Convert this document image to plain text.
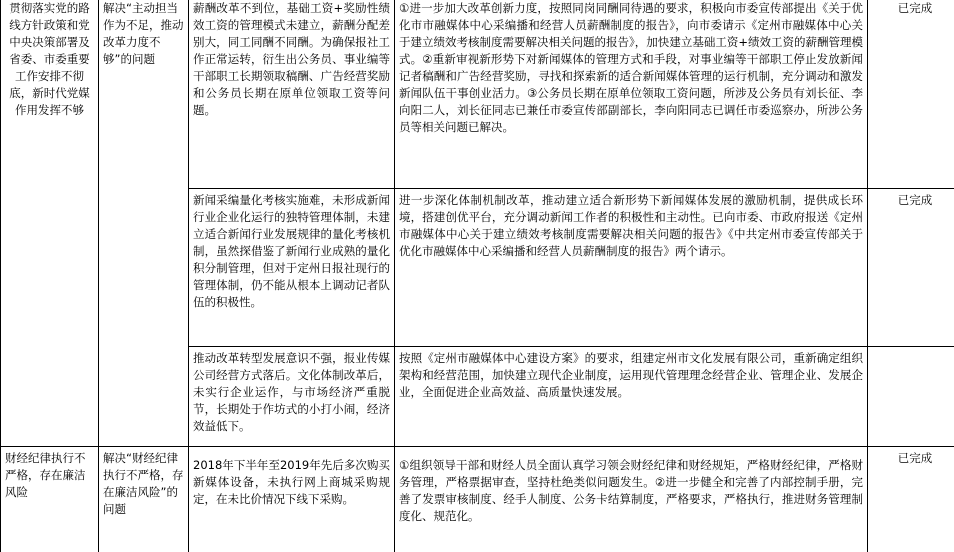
贯彻落实党的路线方针政策和党中央决策部署及省委、市委重要工作安排不彻底，新时代党媒作用发挥不够	解决“主动担当作为不足，推动改革力度不够”的问题	薪酬改革不到位，基础工资+奖励性绩效工资的管理模式未建立，薪酬分配差别大，同工同酬不同酬。为确保报社工作正常运转，衍生出公务员、事业编等干部职工长期领取稿酬、广告经营奖励和公务员长期在原单位领取工资等问题。	①进一步加大改革创新力度，按照同岗同酬同待遇的要求，积极向市委宣传部提出《关于优化市市融媒体中心采编播和经营人员薪酬制度的报告》，向市委请示《定州市融媒体中心关于建立绩效考核制度需要解决相关问题的报告》，加快建立基础工资+绩效工资的薪酬管理模式。②重新审视新形势下对新闻媒体的管理方式和手段，对事业编等干部职工停止发放新闻记者稿酬和广告经营奖励，寻找和探索新的适合新闻媒体管理的运行机制，充分调动和激发新闻队伍干事创业活力。③公务员长期在原单位领取工资问题，所涉及公务员有刘长征、李向阳二人，刘长征同志已兼任市委宣传部副部长，李向阳同志已调任市委巡察办，所涉公务员等相关问题已解决。	已完成

		新闻采编量化考核实施难，未形成新闻行业企业化运行的独特管理体制，未建立适合新闻行业发展规律的量化考核机制，虽然探借鉴了新闻行业成熟的量化积分制管理，但对于定州日报社现行的管理体制，仍不能从根本上调动记者队伍的积极性。	进一步深化体制机制改革，推动建立适合新形势下新闻媒体发展的激励机制，提供成长环境，搭建创优平台，充分调动新闻工作者的积极性和主动性。已向市委、市政府报送《定州市融媒体中心关于建立绩效考核制度需要解决相关问题的报告》《中共定州市委宣传部关于优化市融媒体中心采编播和经营人员薪酬制度的报告》两个请示。	已完成

		推动改革转型发展意识不强，报业传媒公司经营方式落后。文化体制改革后，未实行企业运作，与市场经济严重脱节，长期处于作坊式的小打小闹，经济效益低下。	按照《定州市融媒体中心建设方案》的要求，组建定州市文化发展有限公司，重新确定组织架构和经营范围，加快建立现代企业制度，运用现代管理理念经营企业、管理企业、发展企业，全面促进企业高效益、高质量快速发展。	

财经纪律执行不严格，存在廉洁风险	解决“财经纪律执行不严格，存在廉洁风险”的问题	2018年下半年至2019年先后多次购买新媒体设备，未执行网上商城采购规定，在未比价情况下线下采购。	①组织领导干部和财经人员全面认真学习领会财经纪律和财经规矩，严格财经纪律，严格财务管理，严格票据审查，坚持杜绝类似问题发生。②进一步健全和完善了内部控制手册，完善了发票审核制度、经手人制度、公务卡结算制度，严格要求，严格执行，推进财务管理制度化、规范化。	已完成
